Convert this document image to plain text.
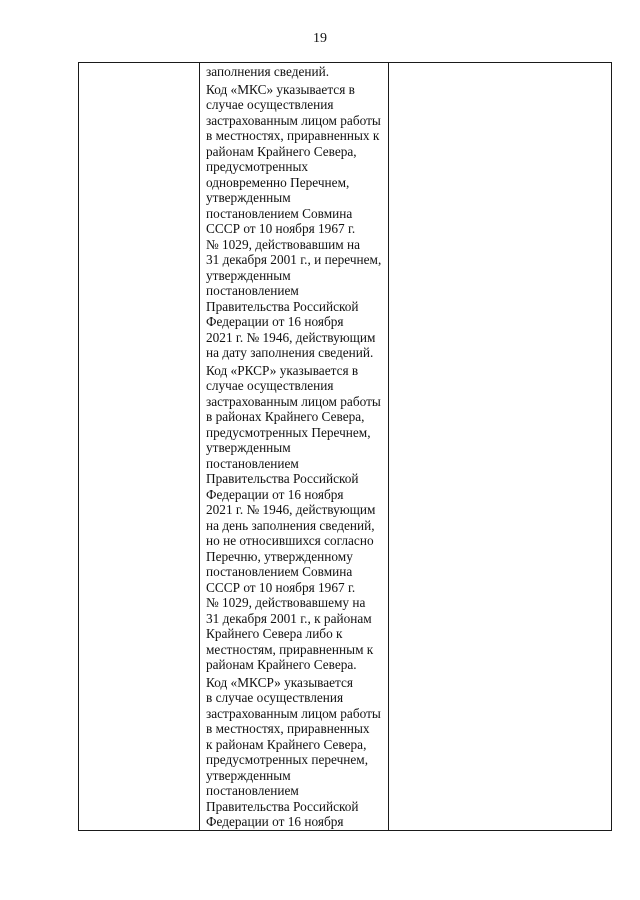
19

заполнения сведений.
Код «МКС» указывается в
случае осуществления
застрахованным лицом работы
в местностях, приравненных к
районам Крайнего Севера,
предусмотренных
одновременно Перечнем,
утвержденным
постановлением Совмина
СССР от 10 ноября 1967 г.
№ 1029, действовавшим на
31 декабря 2001 г., и перечнем,
утвержденным
постановлением
Правительства Российской
Федерации от 16 ноября
2021 г. № 1946, действующим
на дату заполнения сведений.
Код «РКСР» указывается в
случае осуществления
застрахованным лицом работы
в районах Крайнего Севера,
предусмотренных Перечнем,
утвержденным
постановлением
Правительства Российской
Федерации от 16 ноября
2021 г. № 1946, действующим
на день заполнения сведений,
но не относившихся согласно
Перечню, утвержденному
постановлением Совмина
СССР от 10 ноября 1967 г.
№ 1029, действовавшему на
31 декабря 2001 г., к районам
Крайнего Севера либо к
местностям, приравненным к
районам Крайнего Севера.
Код «МКСР» указывается
в случае осуществления
застрахованным лицом работы
в местностях, приравненных
к районам Крайнего Севера,
предусмотренных перечнем,
утвержденным
постановлением
Правительства Российской
Федерации от 16 ноября
